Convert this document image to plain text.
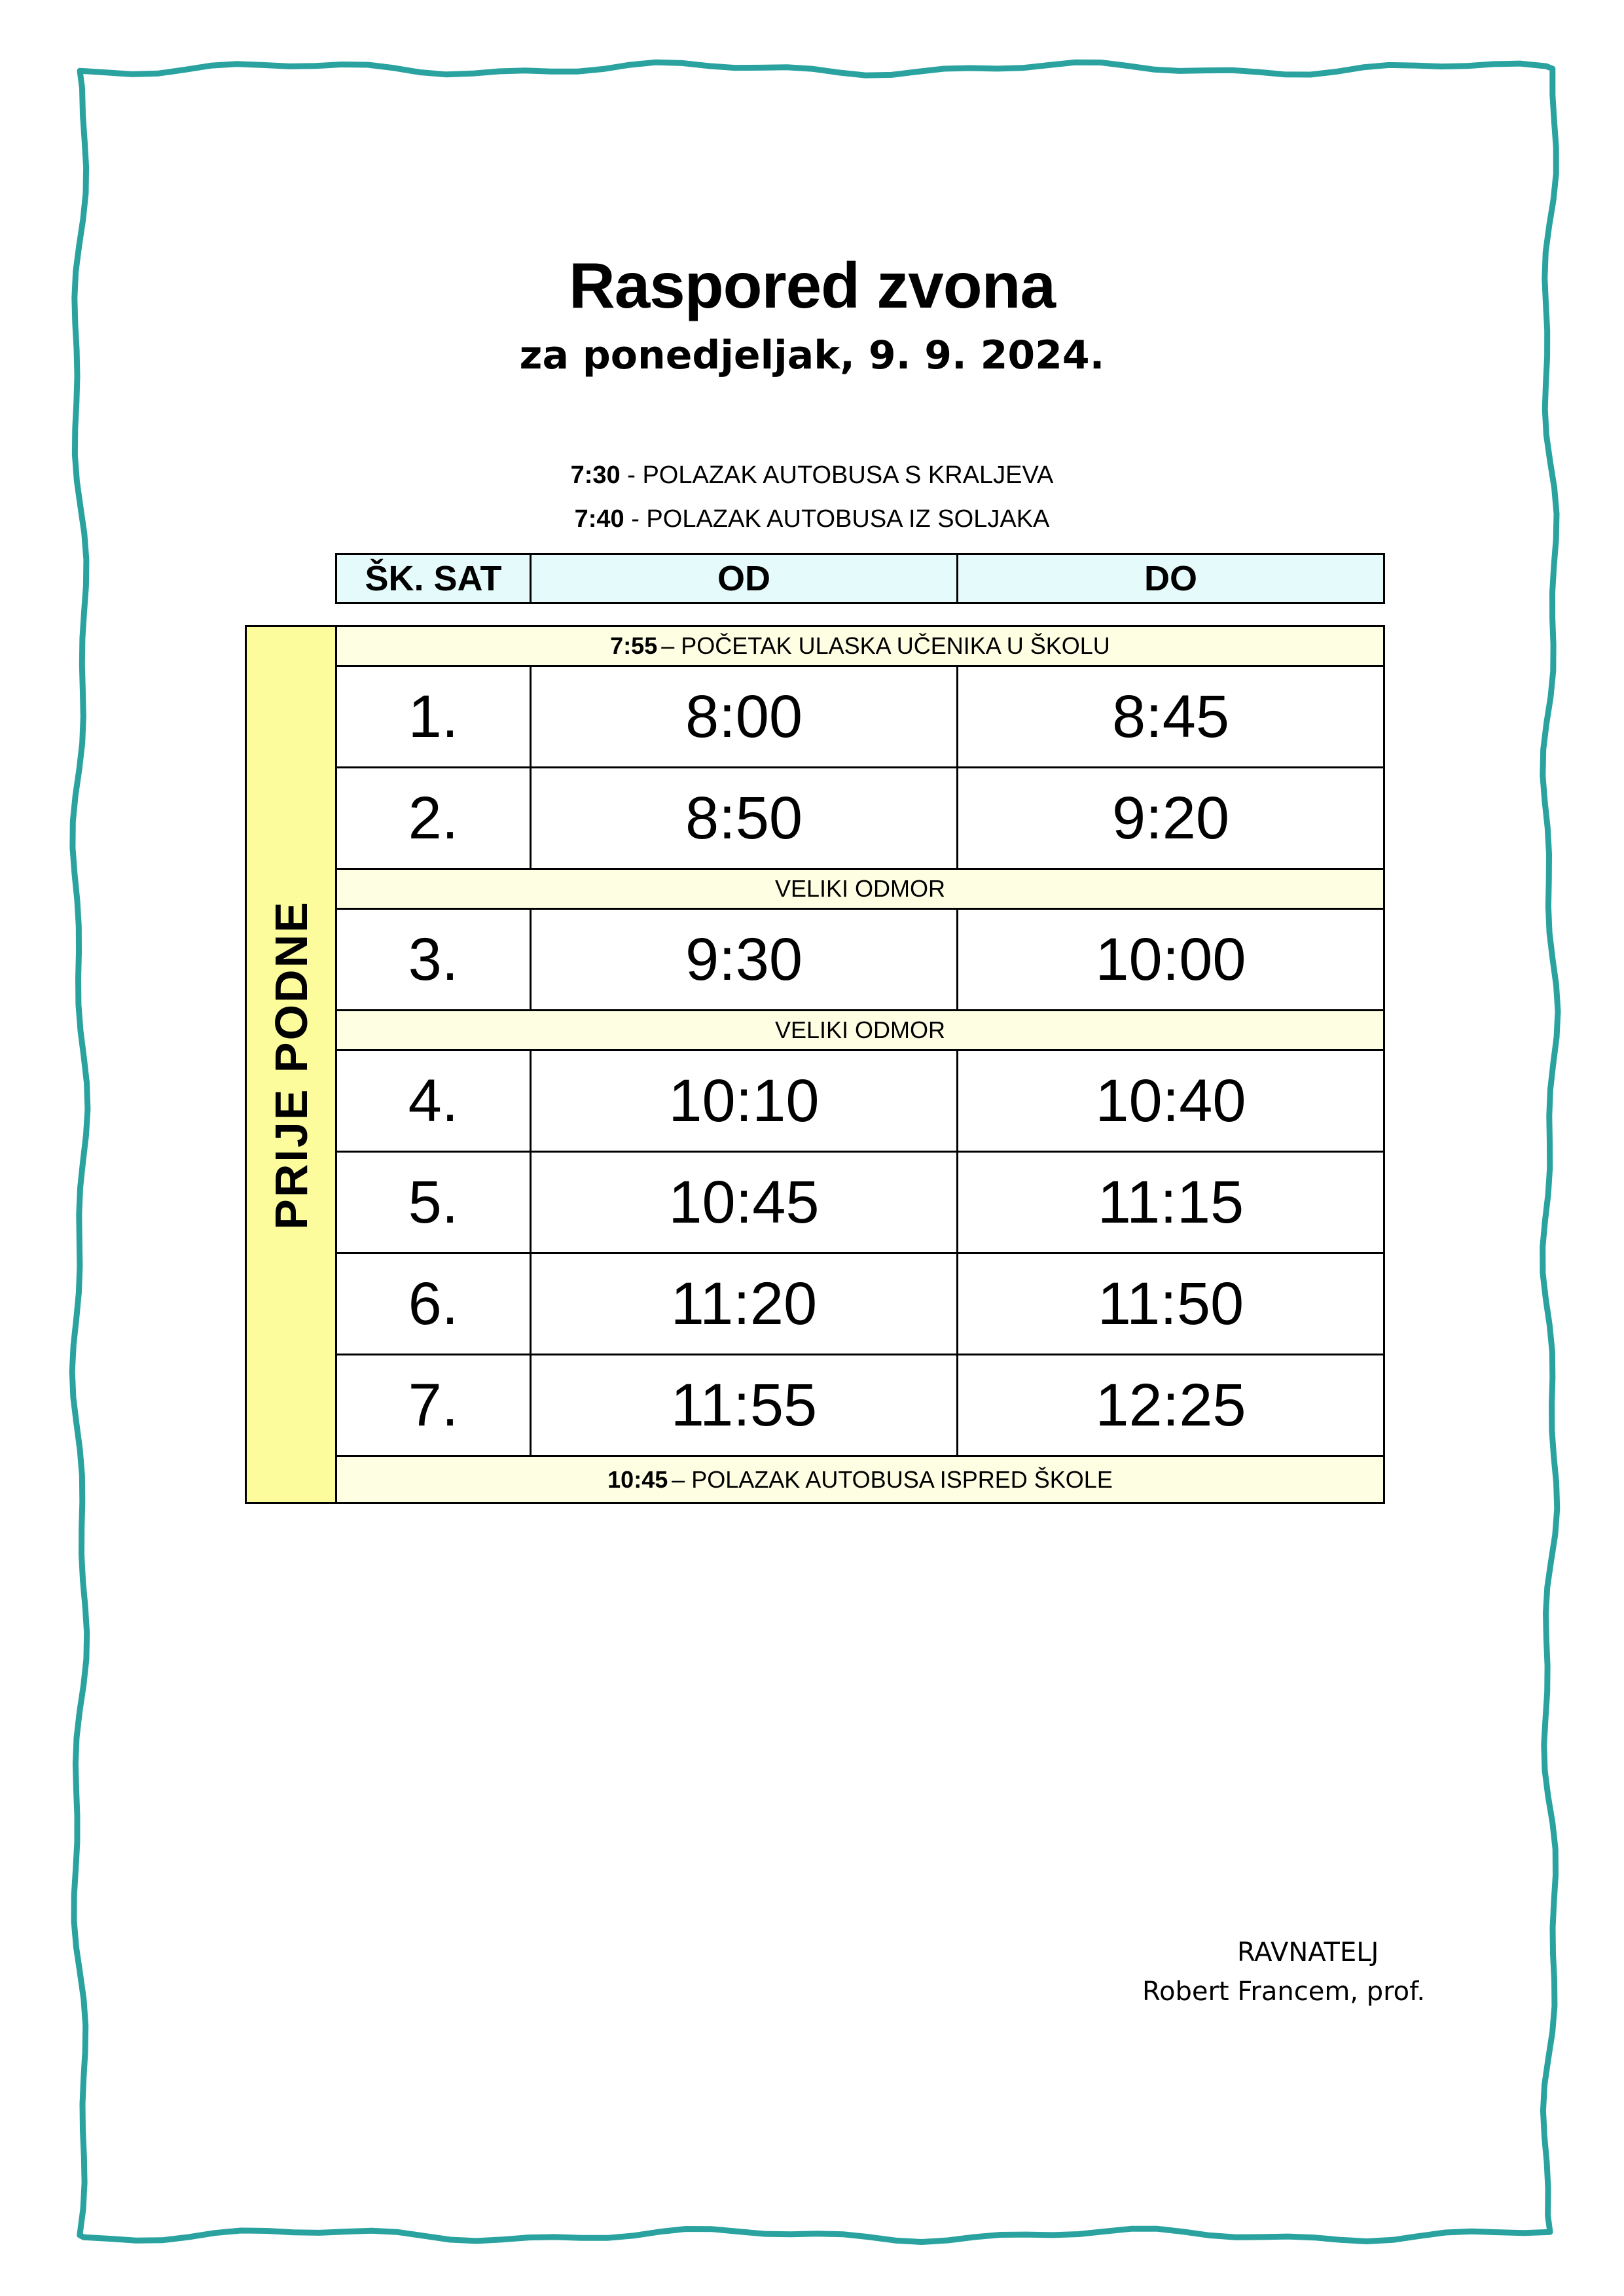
Raspored zvona
za ponedjeljak, 9. 9. 2024.
7:30 - POLAZAK AUTOBUSA S KRALJEVA
7:40 - POLAZAK AUTOBUSA IZ SOLJAKA
ŠK. SAT	OD	DO
PRIJE PODNE
7:55 – POČETAK ULASKA UČENIKA U ŠKOLU
1.	8:00	8:45
2.	8:50	9:20
VELIKI ODMOR
3.	9:30	10:00
VELIKI ODMOR
4.	10:10	10:40
5.	10:45	11:15
6.	11:20	11:50
7.	11:55	12:25
10:45 – POLAZAK AUTOBUSA ISPRED ŠKOLE
RAVNATELJ
Robert Francem, prof.
